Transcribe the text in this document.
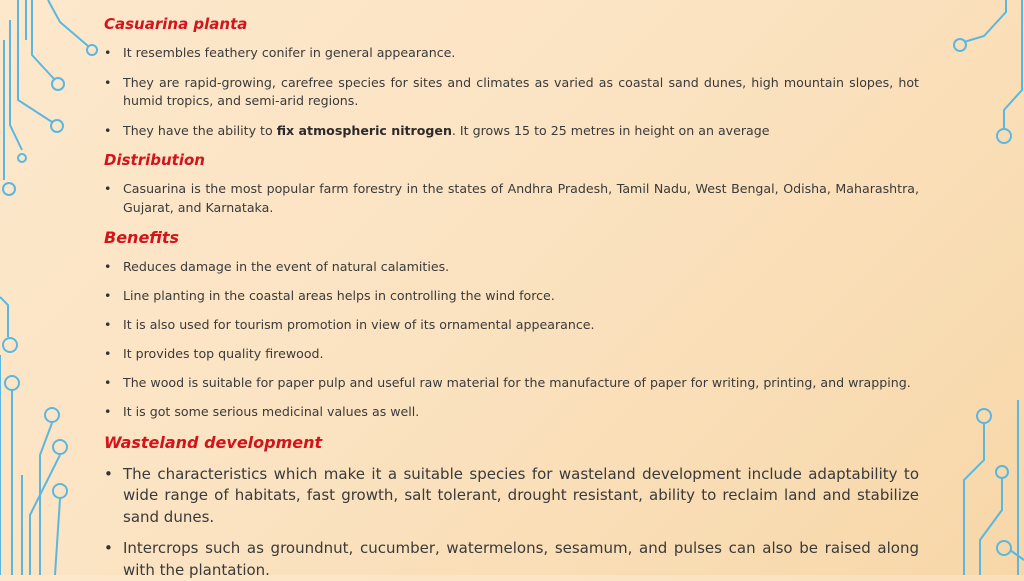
Casuarina planta
• It resembles feathery conifer in general appearance.
• They are rapid-growing, carefree species for sites and climates as varied as coastal sand dunes, high mountain slopes, hot humid tropics, and semi-arid regions.
• They have the ability to fix atmospheric nitrogen. It grows 15 to 25 metres in height on an average
Distribution
• Casuarina is the most popular farm forestry in the states of Andhra Pradesh, Tamil Nadu, West Bengal, Odisha, Maharashtra, Gujarat, and Karnataka.
Benefits
• Reduces damage in the event of natural calamities.
• Line planting in the coastal areas helps in controlling the wind force.
• It is also used for tourism promotion in view of its ornamental appearance.
• It provides top quality firewood.
• The wood is suitable for paper pulp and useful raw material for the manufacture of paper for writing, printing, and wrapping.
• It is got some serious medicinal values as well.
Wasteland development
• The characteristics which make it a suitable species for wasteland development include adaptability to wide range of habitats, fast growth, salt tolerant, drought resistant, ability to reclaim land and stabilize sand dunes.
• Intercrops such as groundnut, cucumber, watermelons, sesamum, and pulses can also be raised along with the plantation.
